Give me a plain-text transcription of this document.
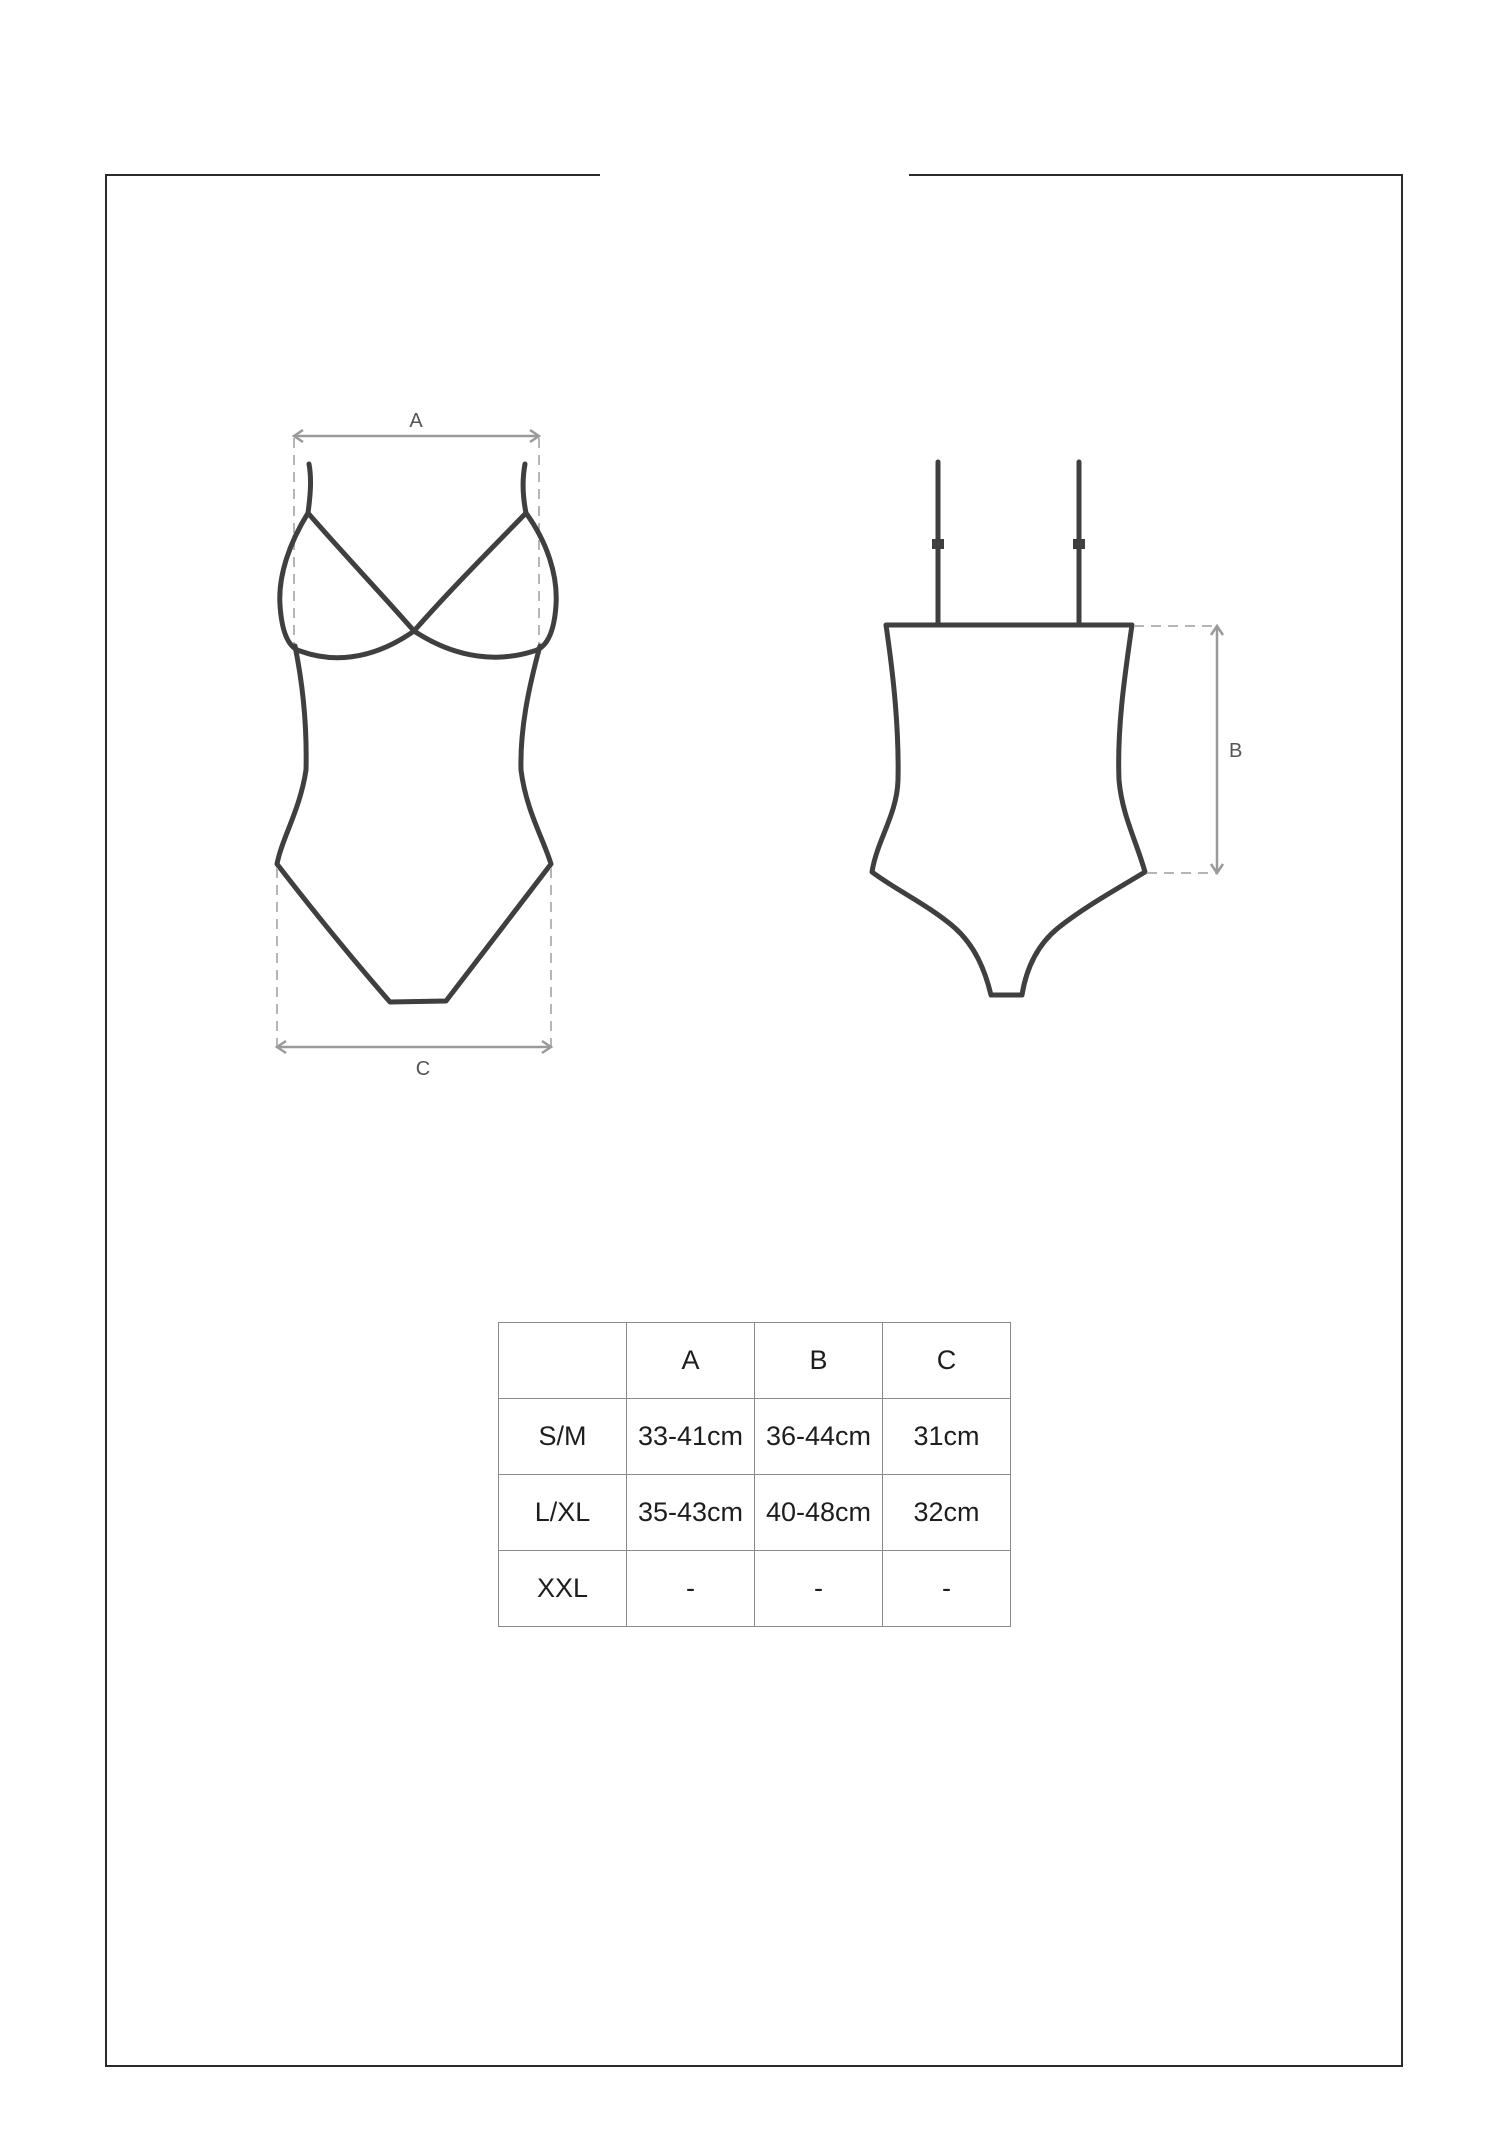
A
C
B
	A	B	C
S/M	33-41cm	36-44cm	31cm
L/XL	35-43cm	40-48cm	32cm
XXL	-	-	-
